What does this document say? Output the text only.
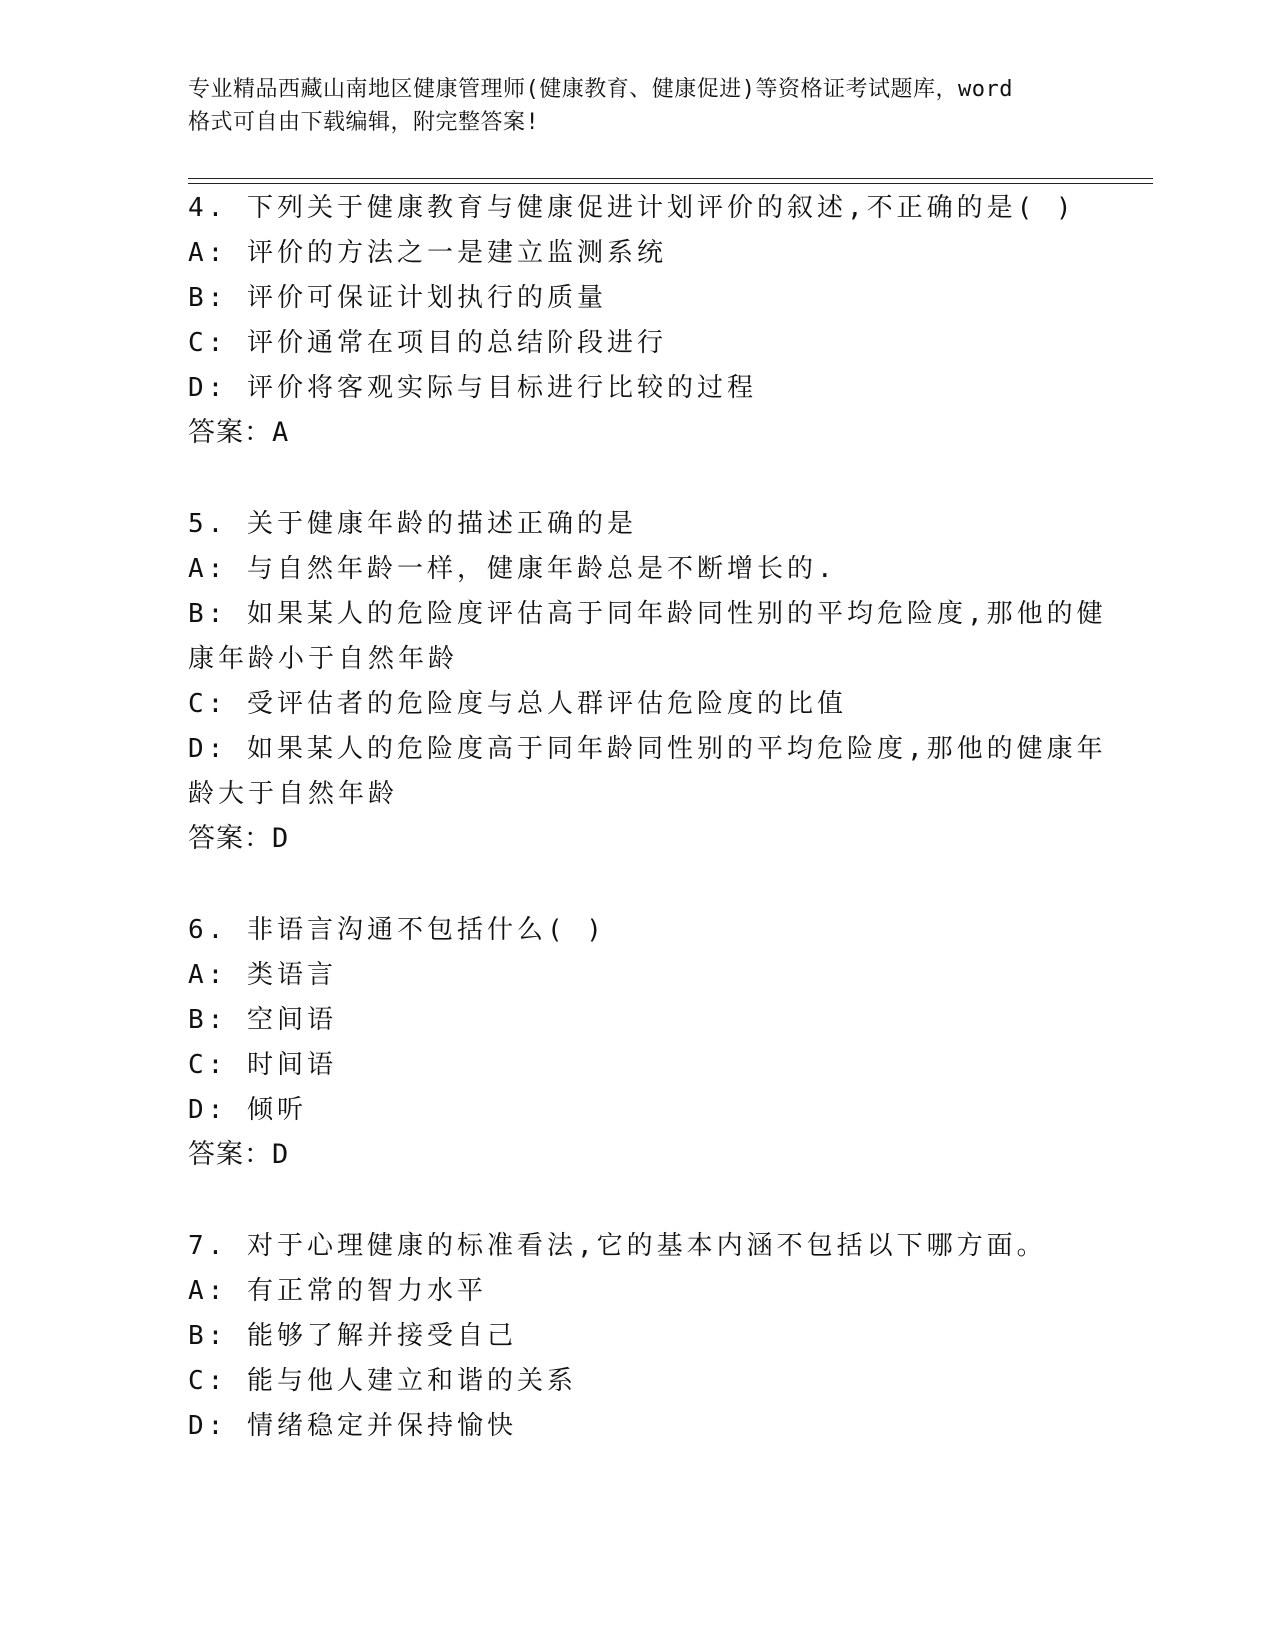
专业精品西藏山南地区健康管理师(健康教育、健康促进)等资格证考试题库，word
格式可自由下载编辑，附完整答案!
4. 下列关于健康教育与健康促进计划评价的叙述,不正确的是( )
A: 评价的方法之一是建立监测系统
B: 评价可保证计划执行的质量
C: 评价通常在项目的总结阶段进行
D: 评价将客观实际与目标进行比较的过程
答案：A
5. 关于健康年龄的描述正确的是
A: 与自然年龄一样，健康年龄总是不断增长的.
B: 如果某人的危险度评估高于同年龄同性别的平均危险度,那他的健
康年龄小于自然年龄
C: 受评估者的危险度与总人群评估危险度的比值
D: 如果某人的危险度高于同年龄同性别的平均危险度,那他的健康年
龄大于自然年龄
答案：D
6. 非语言沟通不包括什么( )
A: 类语言
B: 空间语
C: 时间语
D: 倾听
答案：D
7. 对于心理健康的标准看法,它的基本内涵不包括以下哪方面。
A: 有正常的智力水平
B: 能够了解并接受自己
C: 能与他人建立和谐的关系
D: 情绪稳定并保持愉快
